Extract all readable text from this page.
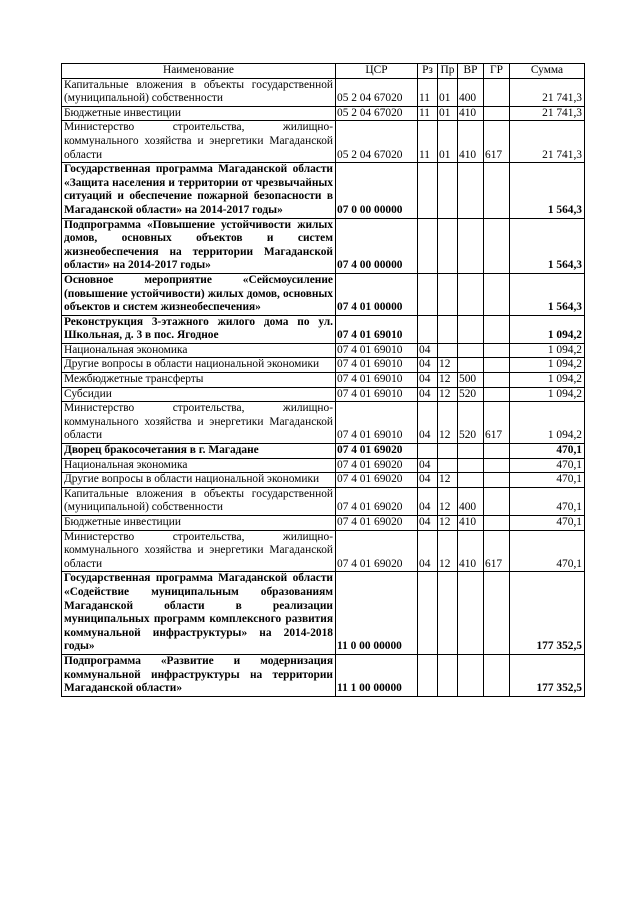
Наименование	ЦСР	Рз	Пр	ВР	ГР	Сумма
Капитальные вложения в объекты государственной (муниципальной) собственности	05 2 04 67020	11	01	400		21 741,3
Бюджетные инвестиции	05 2 04 67020	11	01	410		21 741,3
Министерство строительства, жилищно-коммунального хозяйства и энергетики Магаданской области	05 2 04 67020	11	01	410	617	21 741,3
Государственная программа Магаданской области «Защита населения и территории от чрезвычайных ситуаций и обеспечение пожарной безопасности в Магаданской области» на 2014-2017 годы»	07 0 00 00000					1 564,3
Подпрограмма «Повышение устойчивости жилых домов, основных объектов и систем жизнеобеспечения на территории Магаданской области» на 2014-2017 годы»	07 4 00 00000					1 564,3
Основное мероприятие «Сейсмоусиление (повышение устойчивости) жилых домов, основных объектов и систем жизнеобеспечения»	07 4 01 00000					1 564,3
Реконструкция 3-этажного жилого дома по ул. Школьная, д. 3 в пос. Ягодное	07 4 01 69010					1 094,2
Национальная экономика	07 4 01 69010	04				1 094,2
Другие вопросы в области национальной экономики	07 4 01 69010	04	12			1 094,2
Межбюджетные трансферты	07 4 01 69010	04	12	500		1 094,2
Субсидии	07 4 01 69010	04	12	520		1 094,2
Министерство строительства, жилищно-коммунального хозяйства и энергетики Магаданской области	07 4 01 69010	04	12	520	617	1 094,2
Дворец бракосочетания в г. Магадане	07 4 01 69020					470,1
Национальная экономика	07 4 01 69020	04				470,1
Другие вопросы в области национальной экономики	07 4 01 69020	04	12			470,1
Капитальные вложения в объекты государственной (муниципальной) собственности	07 4 01 69020	04	12	400		470,1
Бюджетные инвестиции	07 4 01 69020	04	12	410		470,1
Министерство строительства, жилищно-коммунального хозяйства и энергетики Магаданской области	07 4 01 69020	04	12	410	617	470,1
Государственная программа Магаданской области «Содействие муниципальным образованиям Магаданской области в реализации муниципальных программ комплексного развития коммунальной инфраструктуры» на 2014-2018 годы»	11 0 00 00000					177 352,5
Подпрограмма «Развитие и модернизация коммунальной инфраструктуры на территории Магаданской области»	11 1 00 00000					177 352,5
